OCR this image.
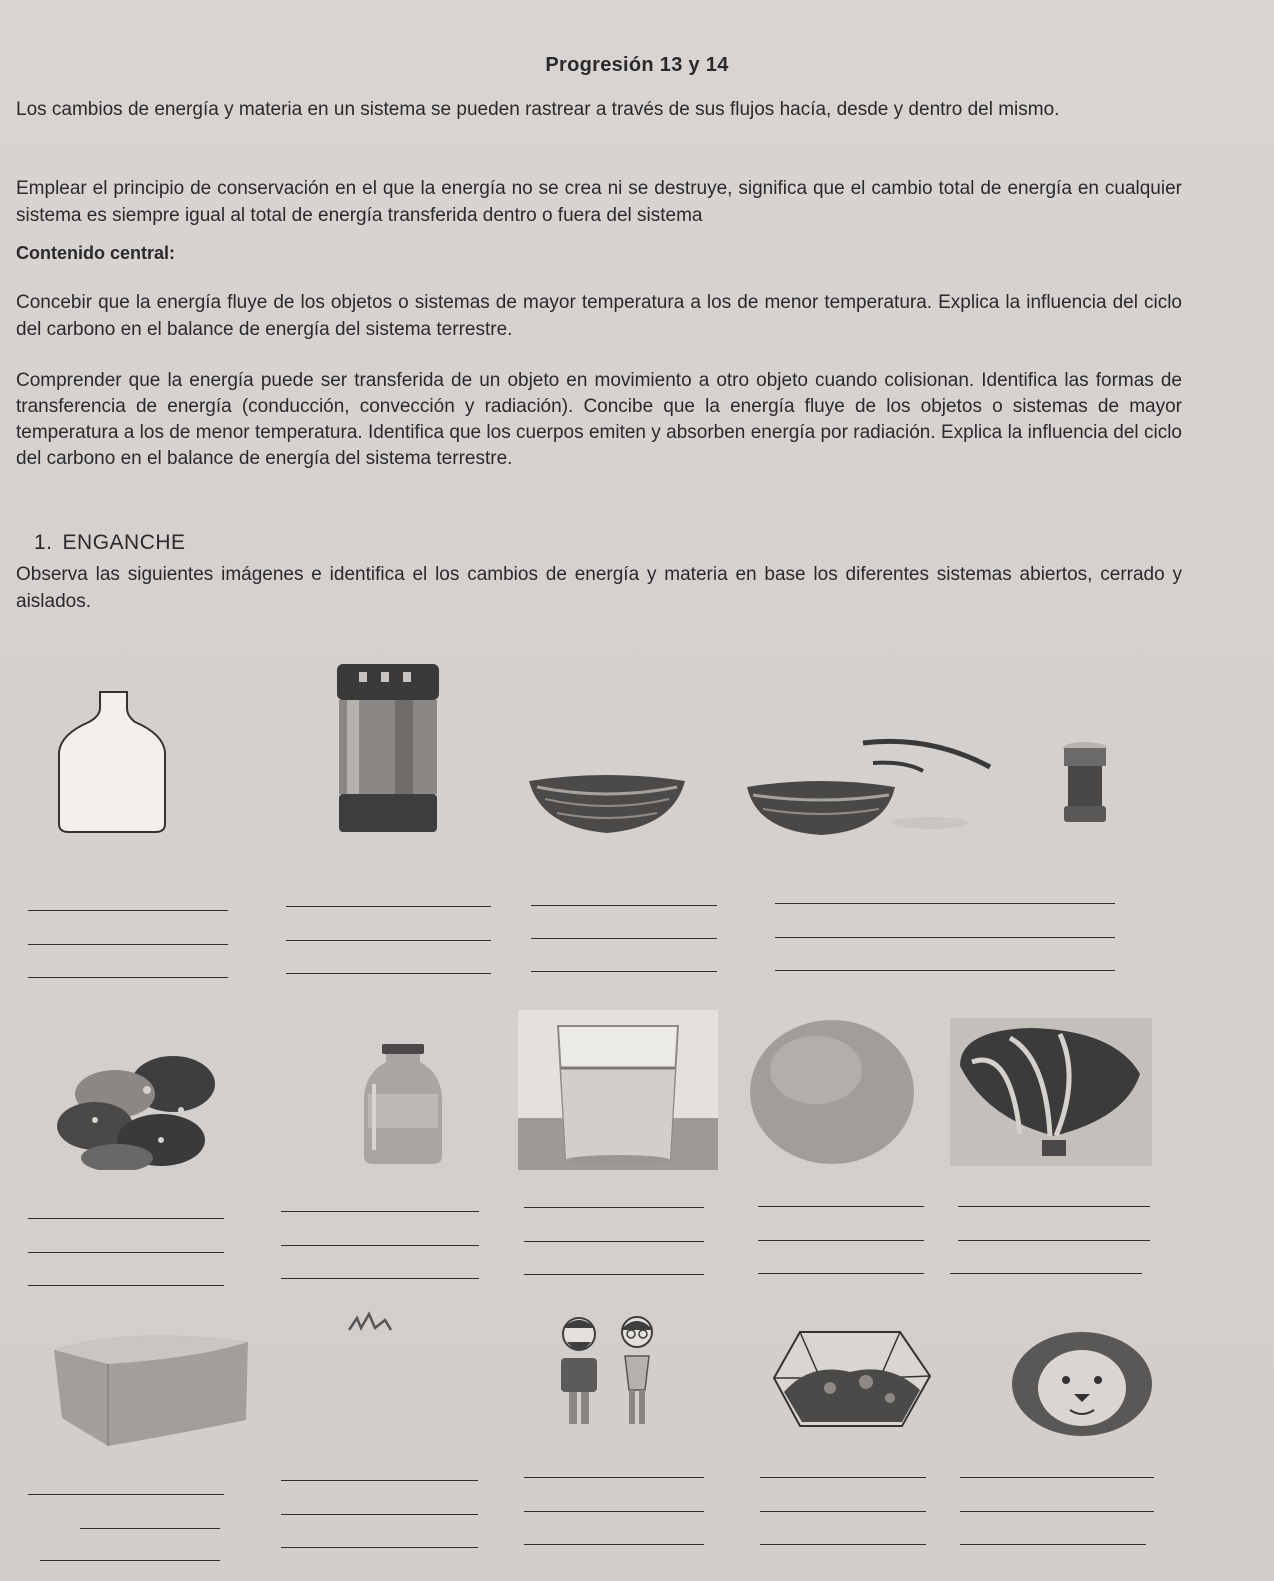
Progresión 13 y 14

Los cambios de energía y materia en un sistema se pueden rastrear a través de sus flujos hacía, desde y dentro del mismo.

Emplear el principio de conservación en el que la energía no se crea ni se destruye, significa que el cambio total de energía en cualquier sistema es siempre igual al total de energía transferida dentro o fuera del sistema

Contenido central:

Concebir que la energía fluye de los objetos o sistemas de mayor temperatura a los de menor temperatura. Explica la influencia del ciclo del carbono en el balance de energía del sistema terrestre.

Comprender que la energía puede ser transferida de un objeto en movimiento a otro objeto cuando colisionan. Identifica las formas de transferencia de energía (conducción, convección y radiación). Concibe que la energía fluye de los objetos o sistemas de mayor temperatura a los de menor temperatura. Identifica que los cuerpos emiten y absorben energía por radiación. Explica la influencia del ciclo del carbono en el balance de energía del sistema terrestre.

1. ENGANCHE

Observa las siguientes imágenes e identifica el los cambios de energía y materia en base los diferentes sistemas abiertos, cerrado y aislados.
